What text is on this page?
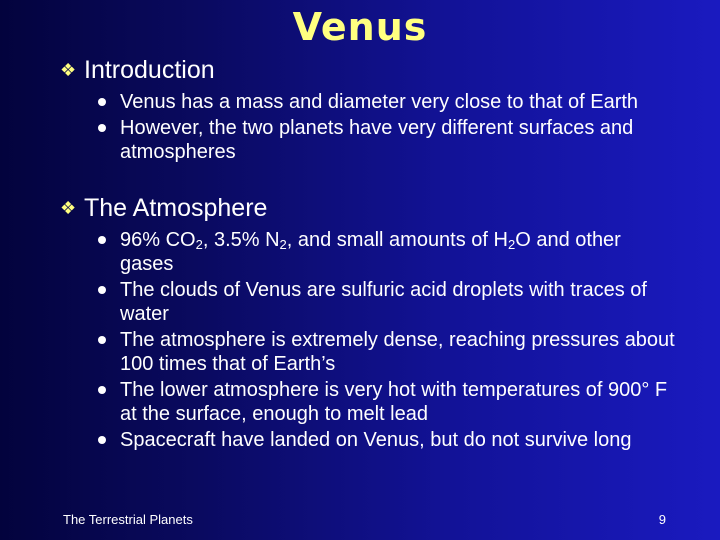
Venus
❖ Introduction
Venus has a mass and diameter very close to that of Earth
However, the two planets have very different surfaces and atmospheres
❖ The Atmosphere
96% $CO_2$, 3.5% $N_2$, and small amounts of $H_2O$ and other gases
The clouds of Venus are sulfuric acid droplets with traces of water
The atmosphere is extremely dense, reaching pressures about 100 times that of Earth’s
The lower atmosphere is very hot with temperatures of 900° F at the surface, enough to melt lead
Spacecraft have landed on Venus, but do not survive long
The Terrestrial Planets	9
